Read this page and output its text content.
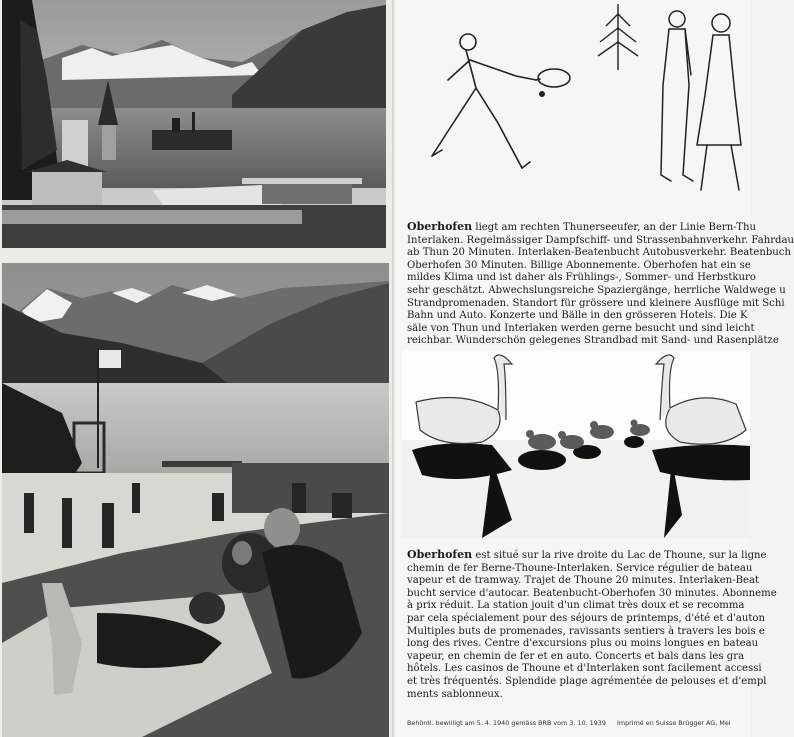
Oberhofen liegt am rechten Thunerseeufer, an der Linie Bern-Thu
Interlaken. Regelmässiger Dampfschiff- und Strassenbahnverkehr. Fahrdau
ab Thun 20 Minuten. Interlaken-Beatenbucht Autobusverkehr. Beatenbuch
Oberhofen 30 Minuten. Billige Abonnemente. Oberhofen hat ein se
mildes Klima und ist daher als Frühlings-, Sommer- und Herbstkuro
sehr geschätzt. Abwechslungsreiche Spaziergänge, herrliche Waldwege u
Strandpromenaden. Standort für grössere und kleinere Ausflüge mit Schi
Bahn und Auto. Konzerte und Bälle in den grösseren Hotels. Die K
säle von Thun und Interlaken werden gerne besucht und sind leicht
reichbar. Wunderschön gelegenes Strandbad mit Sand- und Rasenplätze
Oberhofen est situé sur la rive droite du Lac de Thoune, sur la ligne
chemin de fer Berne-Thoune-Interlaken. Service régulier de bateau
vapeur et de tramway. Trajet de Thoune 20 minutes. Interlaken-Beat
bucht service d'autocar. Beatenbucht-Oberhofen 30 minutes. Abonneme
à prix réduit. La station jouit d'un climat très doux et se recomma
par cela spécialement pour des séjours de printemps, d'été et d'auton
Multiples buts de promenades, ravissants sentiers à travers les bois e
long des rives. Centre d'excursions plus ou moins longues en bateau
vapeur, en chemin de fer et en auto. Concerts et bals dans les gra
hôtels. Les casinos de Thoune et d'Interlaken sont facilement accessi
et très fréquentés. Splendide plage agrémentée de pelouses et d'empl
ments sablonneux.
Behördl. bewilligt am 5. 4. 1940 gemäss BRB vom 3. 10. 1939 Imprimé en Suisse Brügger AG, Mei
